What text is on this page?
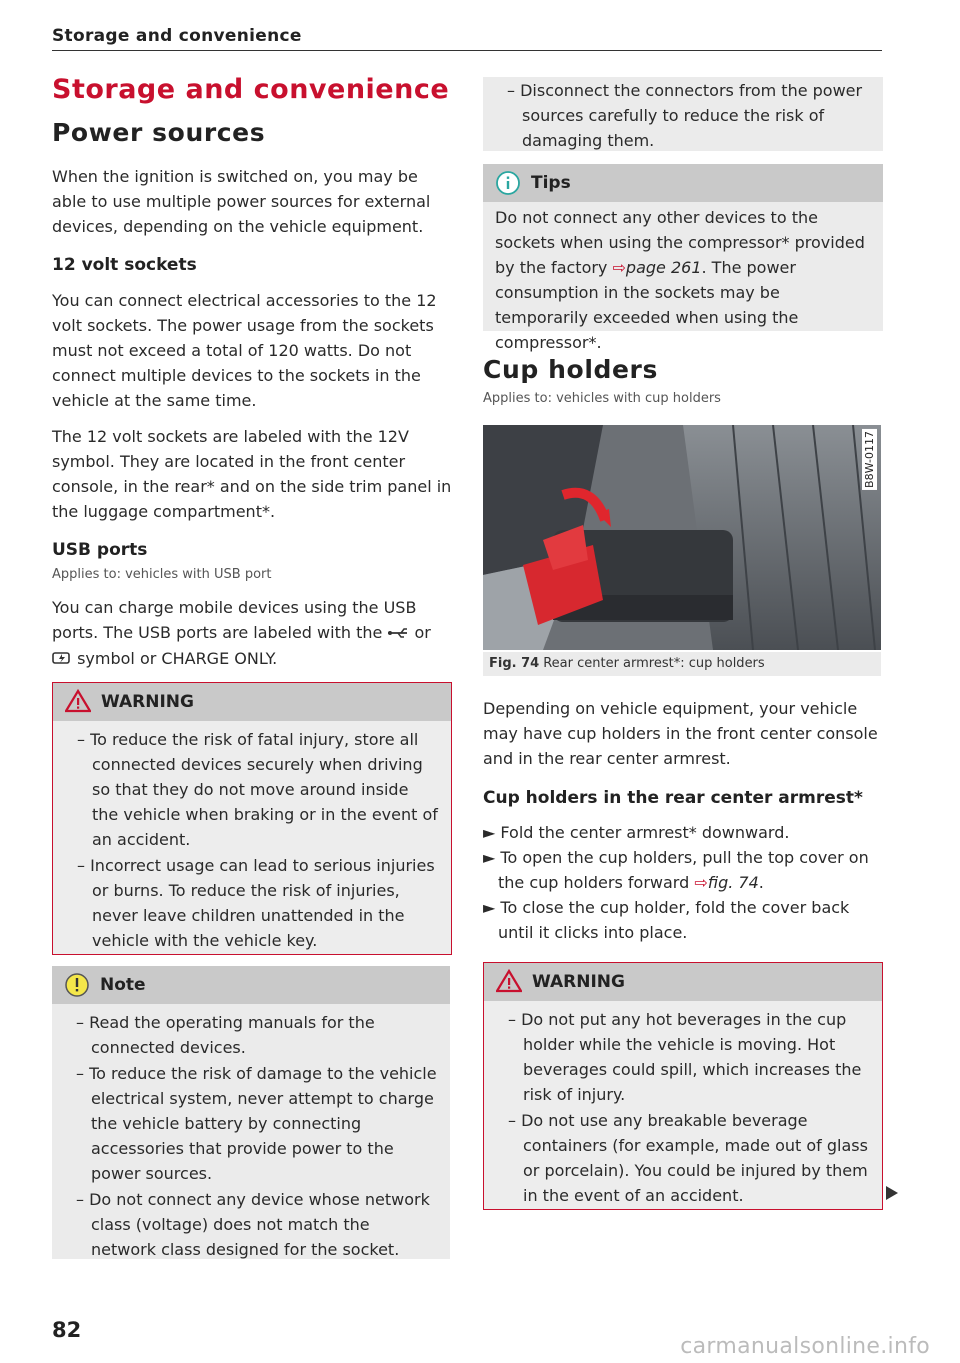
Storage and convenience
Storage and convenience
Power sources

When the ignition is switched on, you may be able to use multiple power sources for external devices, depending on the vehicle equipment.

12 volt sockets

You can connect electrical accessories to the 12 volt sockets. The power usage from the sockets must not exceed a total of 120 watts. Do not connect multiple devices to the sockets in the vehicle at the same time.

The 12 volt sockets are labeled with the 12V symbol. They are located in the front center console, in the rear* and on the side trim panel in the luggage compartment*.

USB ports

Applies to: vehicles with USB port

You can charge mobile devices using the USB ports. The USB ports are labeled with the or  symbol or CHARGE ONLY.

WARNING
– To reduce the risk of fatal injury, store all connected devices securely when driving so that they do not move around inside the vehicle when braking or in the event of an accident.
– Incorrect usage can lead to serious injuries or burns. To reduce the risk of injuries, never leave children unattended in the vehicle with the vehicle key.
Note
– Read the operating manuals for the connected devices.
– To reduce the risk of damage to the vehicle electrical system, never attempt to charge the vehicle battery by connecting accessories that provide power to the power sources.
– Do not connect any device whose network class (voltage) does not match the network class designed for the socket.
– Disconnect the connectors from the power sources carefully to reduce the risk of damaging them.
Tips
Do not connect any other devices to the sockets when using the compressor* provided by the factory ⇨page 261. The power consumption in the sockets may be temporarily exceeded when using the compressor*.
Cup holders

Applies to: vehicles with cup holders

B8W-0117
Fig. 74 Rear center armrest*: cup holders

Depending on vehicle equipment, your vehicle may have cup holders in the front center console and in the rear center armrest.

Cup holders in the rear center armrest*
► Fold the center armrest* downward.
► To open the cup holders, pull the top cover on the cup holders forward ⇨fig. 74.
► To close the cup holder, fold the cover back until it clicks into place.
WARNING
– Do not put any hot beverages in the cup holder while the vehicle is moving. Hot beverages could spill, which increases the risk of injury.
– Do not use any breakable beverage containers (for example, made out of glass or porcelain). You could be injured by them in the event of an accident.
82
carmanualsonline.info
